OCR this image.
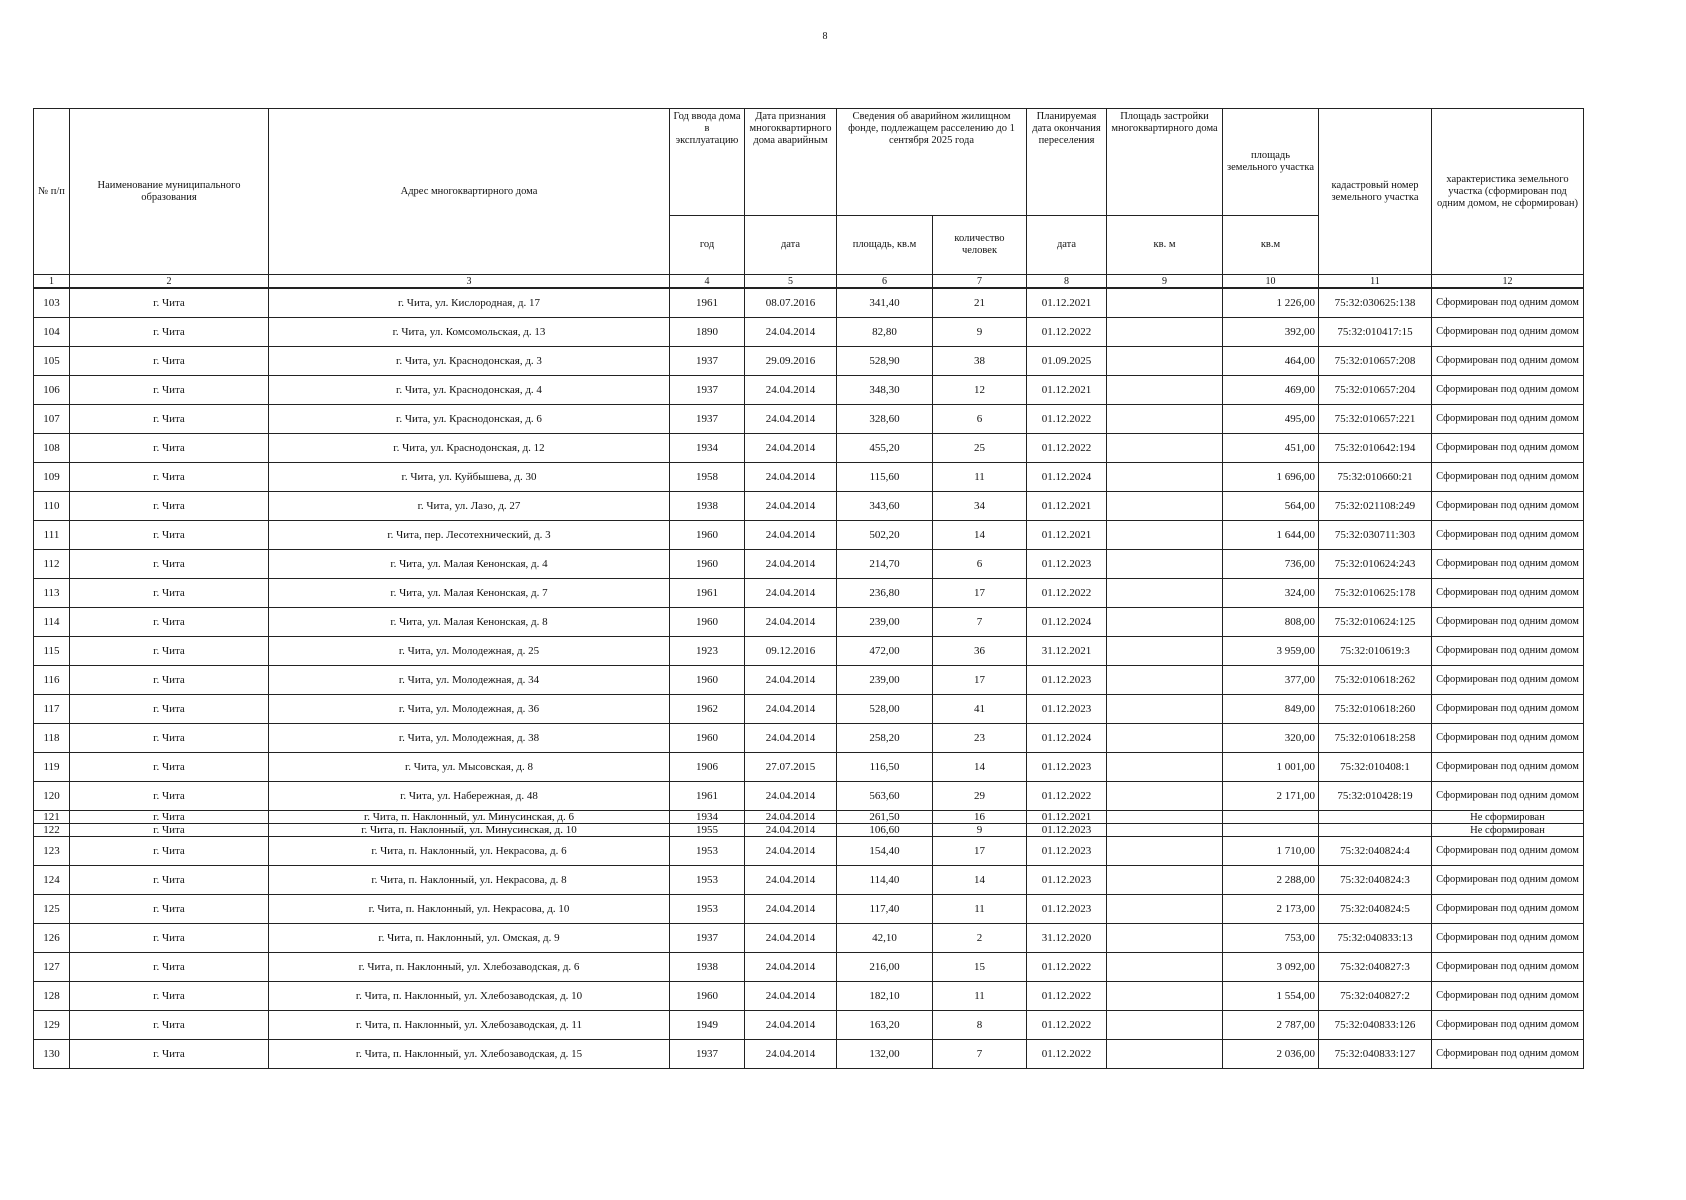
8
№ п/п	Наименование муниципального образования	Адрес многоквартирного дома	Год ввода дома в эксплуатацию	Дата признания многоквартирного дома аварийным	Сведения об аварийном жилищном фонде, подлежащем расселению до 1 сентября 2025 года		Планируемая дата окончания переселения	Площадь застройки многоквартирного дома	площадь земельного участка	кадастровый номер земельного участка	характеристика земельного участка (сформирован под одним домом, не сформирован)
			год	дата	площадь, кв.м	количество человек	дата	кв. м	кв.м		
1	2	3	4	5	6	7	8	9	10	11	12
103	г. Чита	г. Чита, ул. Кислородная, д. 17	1961	08.07.2016	341,40	21	01.12.2021		1 226,00	75:32:030625:138	Сформирован под одним домом
104	г. Чита	г. Чита, ул. Комсомольская, д. 13	1890	24.04.2014	82,80	9	01.12.2022		392,00	75:32:010417:15	Сформирован под одним домом
105	г. Чита	г. Чита, ул. Краснодонская, д. 3	1937	29.09.2016	528,90	38	01.09.2025		464,00	75:32:010657:208	Сформирован под одним домом
106	г. Чита	г. Чита, ул. Краснодонская, д. 4	1937	24.04.2014	348,30	12	01.12.2021		469,00	75:32:010657:204	Сформирован под одним домом
107	г. Чита	г. Чита, ул. Краснодонская, д. 6	1937	24.04.2014	328,60	6	01.12.2022		495,00	75:32:010657:221	Сформирован под одним домом
108	г. Чита	г. Чита, ул. Краснодонская, д. 12	1934	24.04.2014	455,20	25	01.12.2022		451,00	75:32:010642:194	Сформирован под одним домом
109	г. Чита	г. Чита, ул. Куйбышева, д. 30	1958	24.04.2014	115,60	11	01.12.2024		1 696,00	75:32:010660:21	Сформирован под одним домом
110	г. Чита	г. Чита, ул. Лазо, д. 27	1938	24.04.2014	343,60	34	01.12.2021		564,00	75:32:021108:249	Сформирован под одним домом
111	г. Чита	г. Чита, пер. Лесотехнический, д. 3	1960	24.04.2014	502,20	14	01.12.2021		1 644,00	75:32:030711:303	Сформирован под одним домом
112	г. Чита	г. Чита, ул. Малая Кенонская, д. 4	1960	24.04.2014	214,70	6	01.12.2023		736,00	75:32:010624:243	Сформирован под одним домом
113	г. Чита	г. Чита, ул. Малая Кенонская, д. 7	1961	24.04.2014	236,80	17	01.12.2022		324,00	75:32:010625:178	Сформирован под одним домом
114	г. Чита	г. Чита, ул. Малая Кенонская, д. 8	1960	24.04.2014	239,00	7	01.12.2024		808,00	75:32:010624:125	Сформирован под одним домом
115	г. Чита	г. Чита, ул. Молодежная, д. 25	1923	09.12.2016	472,00	36	31.12.2021		3 959,00	75:32:010619:3	Сформирован под одним домом
116	г. Чита	г. Чита, ул. Молодежная, д. 34	1960	24.04.2014	239,00	17	01.12.2023		377,00	75:32:010618:262	Сформирован под одним домом
117	г. Чита	г. Чита, ул. Молодежная, д. 36	1962	24.04.2014	528,00	41	01.12.2023		849,00	75:32:010618:260	Сформирован под одним домом
118	г. Чита	г. Чита, ул. Молодежная, д. 38	1960	24.04.2014	258,20	23	01.12.2024		320,00	75:32:010618:258	Сформирован под одним домом
119	г. Чита	г. Чита, ул. Мысовская, д. 8	1906	27.07.2015	116,50	14	01.12.2023		1 001,00	75:32:010408:1	Сформирован под одним домом
120	г. Чита	г. Чита, ул. Набережная, д. 48	1961	24.04.2014	563,60	29	01.12.2022		2 171,00	75:32:010428:19	Сформирован под одним домом
121	г. Чита	г. Чита, п. Наклонный, ул. Минусинская, д. 6	1934	24.04.2014	261,50	16	01.12.2021				Не сформирован
122	г. Чита	г. Чита, п. Наклонный, ул. Минусинская, д. 10	1955	24.04.2014	106,60	9	01.12.2023				Не сформирован
123	г. Чита	г. Чита, п. Наклонный, ул. Некрасова, д. 6	1953	24.04.2014	154,40	17	01.12.2023		1 710,00	75:32:040824:4	Сформирован под одним домом
124	г. Чита	г. Чита, п. Наклонный, ул. Некрасова, д. 8	1953	24.04.2014	114,40	14	01.12.2023		2 288,00	75:32:040824:3	Сформирован под одним домом
125	г. Чита	г. Чита, п. Наклонный, ул. Некрасова, д. 10	1953	24.04.2014	117,40	11	01.12.2023		2 173,00	75:32:040824:5	Сформирован под одним домом
126	г. Чита	г. Чита, п. Наклонный, ул. Омская, д. 9	1937	24.04.2014	42,10	2	31.12.2020		753,00	75:32:040833:13	Сформирован под одним домом
127	г. Чита	г. Чита, п. Наклонный, ул. Хлебозаводская, д. 6	1938	24.04.2014	216,00	15	01.12.2022		3 092,00	75:32:040827:3	Сформирован под одним домом
128	г. Чита	г. Чита, п. Наклонный, ул. Хлебозаводская, д. 10	1960	24.04.2014	182,10	11	01.12.2022		1 554,00	75:32:040827:2	Сформирован под одним домом
129	г. Чита	г. Чита, п. Наклонный, ул. Хлебозаводская, д. 11	1949	24.04.2014	163,20	8	01.12.2022		2 787,00	75:32:040833:126	Сформирован под одним домом
130	г. Чита	г. Чита, п. Наклонный, ул. Хлебозаводская, д. 15	1937	24.04.2014	132,00	7	01.12.2022		2 036,00	75:32:040833:127	Сформирован под одним домом
